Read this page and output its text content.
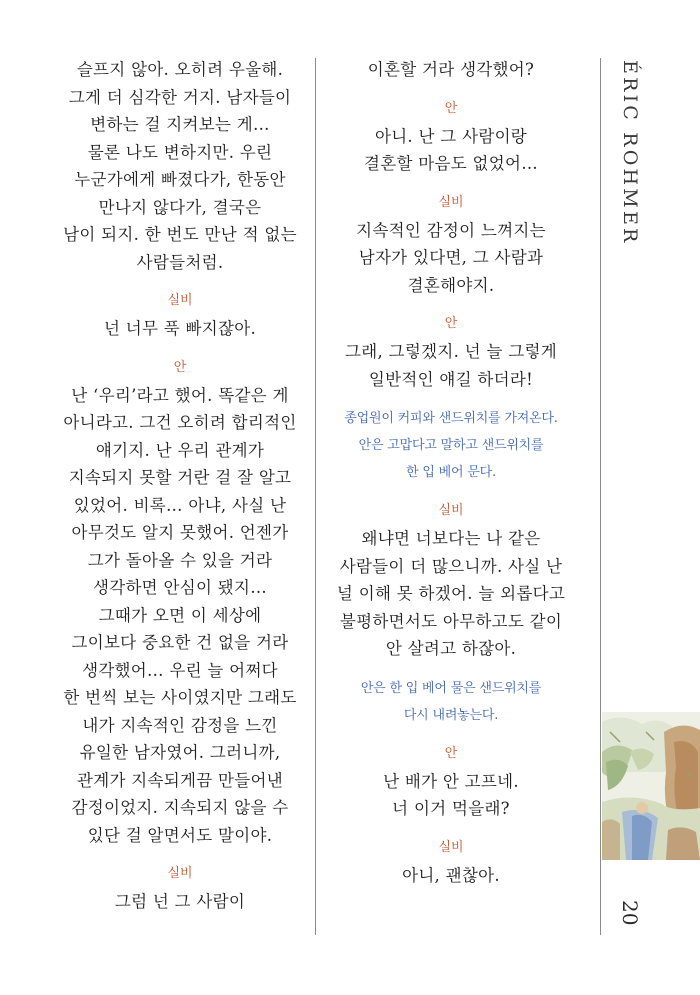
슬프지 않아. 오히려 우울해.
그게 더 심각한 거지. 남자들이
변하는 걸 지켜보는 게…
물론 나도 변하지만. 우린
누군가에게 빠졌다가, 한동안
만나지 않다가, 결국은
남이 되지. 한 번도 만난 적 없는
사람들처럼.
실비
넌 너무 푹 빠지잖아.
안
난 ‘우리’라고 했어. 똑같은 게
아니라고. 그건 오히려 합리적인
얘기지. 난 우리 관계가
지속되지 못할 거란 걸 잘 알고
있었어. 비록… 아냐, 사실 난
아무것도 알지 못했어. 언젠가
그가 돌아올 수 있을 거라
생각하면 안심이 됐지…
그때가 오면 이 세상에
그이보다 중요한 건 없을 거라
생각했어… 우린 늘 어쩌다
한 번씩 보는 사이였지만 그래도
내가 지속적인 감정을 느낀
유일한 남자였어. 그러니까,
관계가 지속되게끔 만들어낸
감정이었지. 지속되지 않을 수
있단 걸 알면서도 말이야.
실비
그럼 넌 그 사람이
이혼할 거라 생각했어?
안
아니. 난 그 사람이랑
결혼할 마음도 없었어…
실비
지속적인 감정이 느껴지는
남자가 있다면, 그 사람과
결혼해야지.
안
그래, 그렇겠지. 넌 늘 그렇게
일반적인 얘길 하더라!
종업원이 커피와 샌드위치를 가져온다.
안은 고맙다고 말하고 샌드위치를
한 입 베어 문다.
실비
왜냐면 너보다는 나 같은
사람들이 더 많으니까. 사실 난
널 이해 못 하겠어. 늘 외롭다고
불평하면서도 아무하고도 같이
안 살려고 하잖아.
안은 한 입 베어 물은 샌드위치를
다시 내려놓는다.
안
난 배가 안 고프네.
너 이거 먹을래?
실비
아니, 괜찮아.
ÉRIC ROHMER
20
